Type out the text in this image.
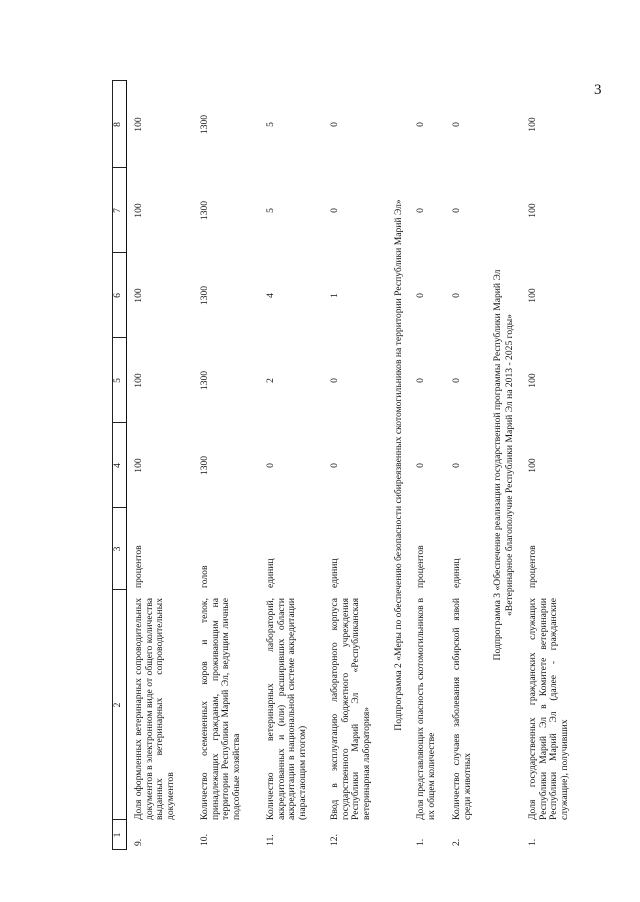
3
1
2
3
4
5
6
7
8
9.
Доля оформленных ветеринарных сопроводительных документов в электронном виде от общего количества выданных ветеринарных сопроводительных документов
процентов
100
100
100
100
100
10.
Количество осемененных коров и телок, принадлежащих гражданам, проживающим на территории Республики Марий Эл, ведущим личные подсобные хозяйства
голов
1300
1300
1300
1300
1300
11.
Количество ветеринарных лабораторий, аккредитованных и (или) расширивших области аккредитации в национальной системе аккредитации (нарастающим итогом)
единиц
0
2
4
5
5
12.
Ввод в эксплуатацию лабораторного корпуса государственного бюджетного учреждения Республики Марий Эл «Республиканская ветеринарная лаборатория»
единиц
0
0
1
0
0
Подпрограмма 2 «Меры по обеспечению безопасности сибиреязвенных скотомогильников на территории Республики Марий Эл»
1.
Доля представляющих опасность скотомогильников в их общем количестве
процентов
0
0
0
0
0
2.
Количество случаев заболевания сибирской язвой среди животных
единиц
0
0
0
0
0
Подпрограмма 3 «Обеспечение реализации государственной программы Республики Марий Эл «Ветеринарное благополучие Республики Марий Эл на 2013 - 2025 годы»
1.
Доля государственных гражданских служащих Республики Марий Эл в Комитете ветеринарии Республики Марий Эл (далее - гражданские служащие), получивших
процентов
100
100
100
100
100
